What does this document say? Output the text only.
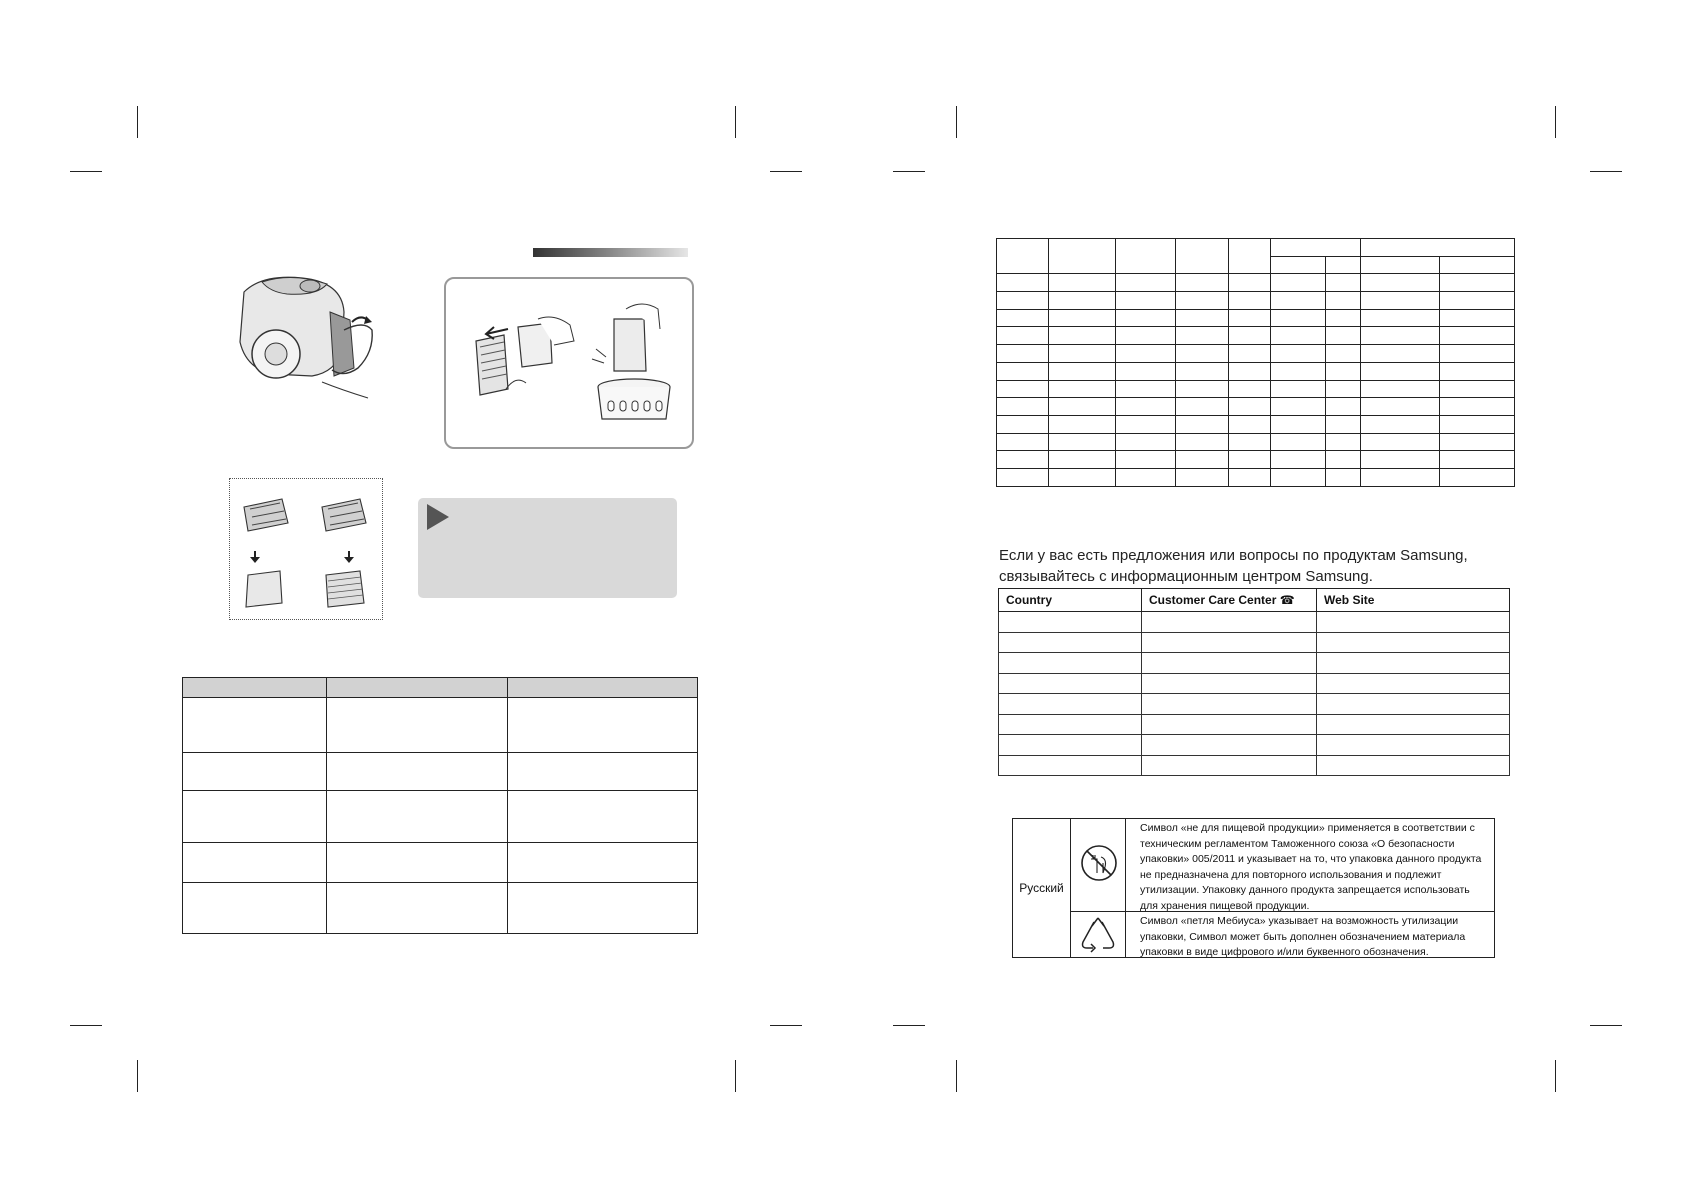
Если у вас есть предложения или вопросы по продуктам Samsung,
связывайтесь с информационным центром Samsung.
Country	Customer Care Center ☎	Web Site

Русский
Символ «не для пищевой продукции» применяется в соответствии с техническим регламентом Таможенного союза «О безопасности упаковки» 005/2011 и указывает на то, что упаковка данного продукта не предназначена для повторного использования и подлежит утилизации. Упаковку данного продукта запрещается использовать для хранения пищевой продукции.
Символ «петля Мебиуса» указывает на возможность утилизации упаковки, Символ может быть дополнен обозначением материала упаковки в виде цифрового и/или буквенного обозначения.
